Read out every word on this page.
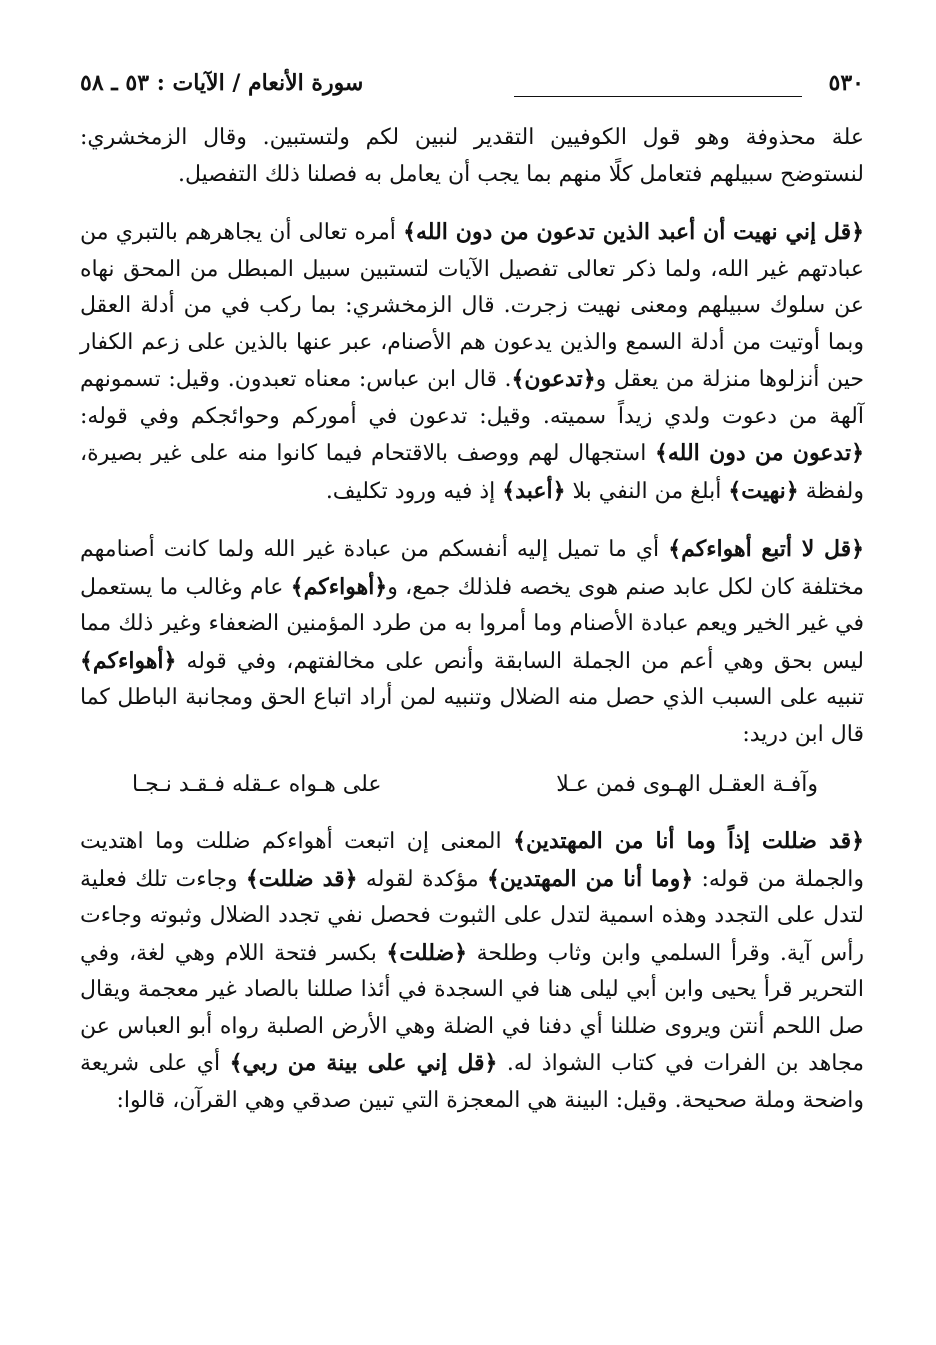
٥٣٠
سورة الأنعام / الآيات : ٥٣ ـ ٥٨

علة محذوفة وهو قول الكوفيين التقدير لنبين لكم ولتستبين. وقال الزمخشري: لنستوضح سبيلهم فتعامل كلًا منهم بما يجب أن يعامل به فصلنا ذلك التفصيل.

﴿قل إني نهيت أن أعبد الذين تدعون من دون الله﴾ أمره تعالى أن يجاهرهم بالتبري من عبادتهم غير الله، ولما ذكر تعالى تفصيل الآيات لتستبين سبيل المبطل من المحق نهاه عن سلوك سبيلهم ومعنى نهيت زجرت. قال الزمخشري: بما ركب في من أدلة العقل وبما أوتيت من أدلة السمع والذين يدعون هم الأصنام، عبر عنها بالذين على زعم الكفار حين أنزلوها منزلة من يعقل و﴿تدعون﴾. قال ابن عباس: معناه تعبدون. وقيل: تسمونهم آلهة من دعوت ولدي زيداً سميته. وقيل: تدعون في أموركم وحوائجكم وفي قوله: ﴿تدعون من دون الله﴾ استجهال لهم ووصف بالاقتحام فيما كانوا منه على غير بصيرة، ولفظة ﴿نهيت﴾ أبلغ من النفي بلا ﴿أعبد﴾ إذ فيه ورود تكليف.

﴿قل لا أتبع أهواءكم﴾ أي ما تميل إليه أنفسكم من عبادة غير الله ولما كانت أصنامهم مختلفة كان لكل عابد صنم هوى يخصه فلذلك جمع، و﴿أهواءكم﴾ عام وغالب ما يستعمل في غير الخير ويعم عبادة الأصنام وما أمروا به من طرد المؤمنين الضعفاء وغير ذلك مما ليس بحق وهي أعم من الجملة السابقة وأنص على مخالفتهم، وفي قوله ﴿أهواءكم﴾ تنبيه على السبب الذي حصل منه الضلال وتنبيه لمن أراد اتباع الحق ومجانبة الباطل كما قال ابن دريد:

وآفـة العقـل الهـوى فمن عـلا
على هـواه عـقله فـقـد نـجـا

﴿قد ضللت إذاً وما أنا من المهتدين﴾ المعنى إن اتبعت أهواءكم ضللت وما اهتديت والجملة من قوله: ﴿وما أنا من المهتدين﴾ مؤكدة لقوله ﴿قد ضللت﴾ وجاءت تلك فعلية لتدل على التجدد وهذه اسمية لتدل على الثبوت فحصل نفي تجدد الضلال وثبوته وجاءت رأس آية. وقرأ السلمي وابن وثاب وطلحة ﴿ضللت﴾ بكسر فتحة اللام وهي لغة، وفي التحرير قرأ يحيى وابن أبي ليلى هنا في السجدة في أئذا صللنا بالصاد غير معجمة ويقال صل اللحم أنتن ويروى ضللنا أي دفنا في الضلة وهي الأرض الصلبة رواه أبو العباس عن مجاهد بن الفرات في كتاب الشواذ له. ﴿قل إني على بينة من ربي﴾ أي على شريعة واضحة وملة صحيحة. وقيل: البينة هي المعجزة التي تبين صدقي وهي القرآن، قالوا:
